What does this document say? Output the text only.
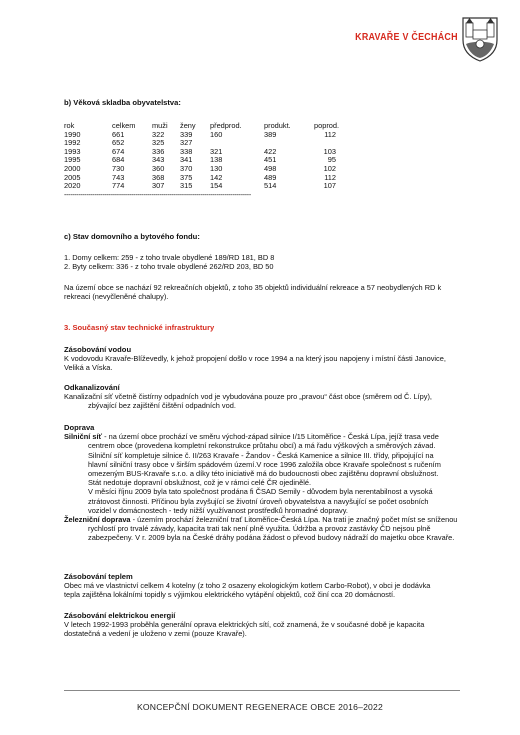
KRAVAŘE V ČECHÁCH
b) Věková skladba obyvatelstva:
rok	celkem	muži	ženy	předprod.	produkt.	poprod.
1990	661	322	339	160	389	112
1992	652	325	327			
1993	674	336	338	321	422	103
1995	684	343	341	138	451	95
2000	730	360	370	130	498	102
2005	743	368	375	142	489	112
2020	774	307	315	154	514	107
--------------------------------------------------------------------------------------------
c) Stav domovního a bytového fondu:
1. Domy celkem: 259 - z toho trvale obydlené 189/RD 181, BD 8
2. Byty celkem: 336 - z toho trvale obydlené 262/RD 203, BD 50
Na území obce se nachází 92 rekreačních objektů, z toho 35 objektů individuální rekreace a 57 neobydlených RD k rekreaci (nevyčleněné chalupy).
3. Současný stav technické infrastruktury
Zásobování vodou
K vodovodu Kravaře-Blíževedly, k jehož propojení došlo v roce 1994 a na který jsou napojeny i místní části Janovice, Veliká a Víska.
Odkanalizování
Kanalizační síť včetně čistírny odpadních vod je vybudována pouze pro „pravou“ část obce (směrem od Č. Lípy),
zbývající bez zajištění čištění odpadních vod.
Doprava
Silniční síť - na území obce prochází ve směru východ-západ silnice I/15 Litoměřice - Česká Lípa, jejíž trasa vede
centrem obce (provedena kompletní rekonstrukce průtahu obcí) a má řadu výškových a směrových závad.
Silniční síť kompletuje silnice č. II/263 Kravaře - Žandov - Česká Kamenice a silnice III. třídy, připojující na
hlavní silniční trasy obce v širším spádovém území.V roce 1996 založila obce Kravaře společnost s ručením
omezeným BUS-Kravaře s.r.o. a díky této iniciativě má do budoucnosti obec zajištěnu dopravní obslužnost.
Stát nedotuje dopravní obslužnost, což je v rámci celé ČR ojedinělé.
V měsíci říjnu 2009 byla tato společnost prodána fi ČSAD Semily - důvodem byla nerentabilnost a vysoká
ztrátovost činnosti. Příčinou byla zvyšující se životní úroveň obyvatelstva a navyšující se počet osobních
vozidel v domácnostech - tedy nižší využívanost prostředků hromadné dopravy.
Železniční doprava - územím prochází železniční trať Litoměřice-Česká Lípa. Na trati je značný počet míst se sníženou
rychlostí pro trvalé závady, kapacita trati tak není plně využita. Údržba a provoz zastávky ČD nejsou plně
zabezpečeny. V r. 2009 byla na České dráhy podána žádost o převod budovy nádraží do majetku obce Kravaře.
Zásobování teplem
Obec má ve vlastnictví celkem 4 kotelny (z toho 2 osazeny ekologickým kotlem Carbo-Robot), v obci je dodávka
tepla zajištěna lokálními topidly s výjimkou elektrického vytápění objektů, což činí cca 20 domácností.
Zásobování elektrickou energií
V letech 1992-1993 proběhla generální oprava elektrických sítí, což znamená, že v současné době je kapacita
dostatečná a vedení je uloženo v zemi (pouze Kravaře).
KONCEPČNÍ DOKUMENT REGENERACE OBCE 2016–2022
